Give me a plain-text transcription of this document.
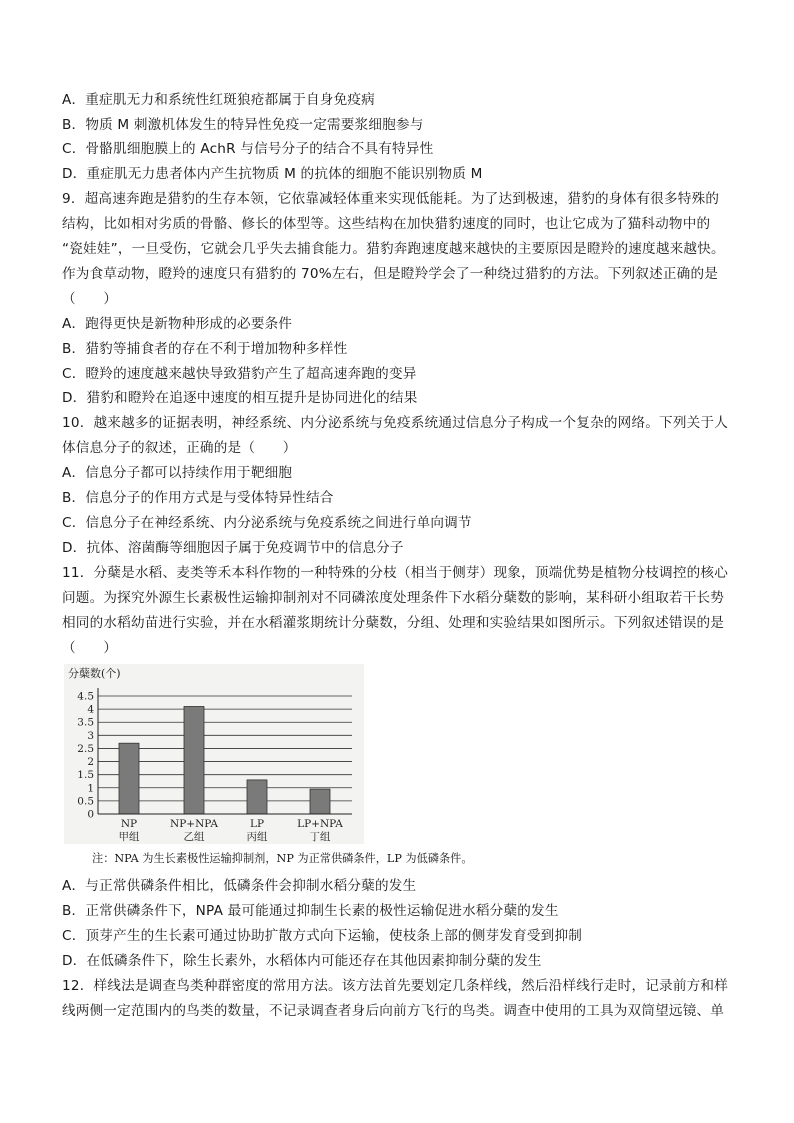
A．重症肌无力和系统性红斑狼疮都属于自身免疫病
B．物质 M 刺激机体发生的特异性免疫一定需要浆细胞参与
C．骨骼肌细胞膜上的 AchR 与信号分子的结合不具有特异性
D．重症肌无力患者体内产生抗物质 M 的抗体的细胞不能识别物质 M
9．超高速奔跑是猎豹的生存本领，它依靠减轻体重来实现低能耗。为了达到极速，猎豹的身体有很多特殊的
结构，比如相对劣质的骨骼、修长的体型等。这些结构在加快猎豹速度的同时，也让它成为了猫科动物中的
“瓷娃娃”，一旦受伤，它就会几乎失去捕食能力。猎豹奔跑速度越来越快的主要原因是瞪羚的速度越来越快。
作为食草动物，瞪羚的速度只有猎豹的 70%左右，但是瞪羚学会了一种绕过猎豹的方法。下列叙述正确的是
（　　）
A．跑得更快是新物种形成的必要条件
B．猎豹等捕食者的存在不利于增加物种多样性
C．瞪羚的速度越来越快导致猎豹产生了超高速奔跑的变异
D．猎豹和瞪羚在追逐中速度的相互提升是协同进化的结果
10．越来越多的证据表明，神经系统、内分泌系统与免疫系统通过信息分子构成一个复杂的网络。下列关于人
体信息分子的叙述，正确的是（　　）
A．信息分子都可以持续作用于靶细胞
B．信息分子的作用方式是与受体特异性结合
C．信息分子在神经系统、内分泌系统与免疫系统之间进行单向调节
D．抗体、溶菌酶等细胞因子属于免疫调节中的信息分子
11．分蘖是水稻、麦类等禾本科作物的一种特殊的分枝（相当于侧芽）现象，顶端优势是植物分枝调控的核心
问题。为探究外源生长素极性运输抑制剂对不同磷浓度处理条件下水稻分蘖数的影响，某科研小组取若干长势
相同的水稻幼苗进行实验，并在水稻灌浆期统计分蘖数，分组、处理和实验结果如图所示。下列叙述错误的是
（　　）
分蘖数(个)
0
0.5
1
1.5
2
2.5
3
3.5
4
4.5
NP
甲组
NP+NPA
乙组
LP
丙组
LP+NPA
丁组
注：NPA 为生长素极性运输抑制剂，NP 为正常供磷条件，LP 为低磷条件。
A．与正常供磷条件相比，低磷条件会抑制水稻分蘖的发生
B．正常供磷条件下，NPA 最可能通过抑制生长素的极性运输促进水稻分蘖的发生
C．顶芽产生的生长素可通过协助扩散方式向下运输，使枝条上部的侧芽发育受到抑制
D．在低磷条件下，除生长素外，水稻体内可能还存在其他因素抑制分蘖的发生
12．样线法是调查鸟类种群密度的常用方法。该方法首先要划定几条样线，然后沿样线行走时，记录前方和样
线两侧一定范围内的鸟类的数量，不记录调查者身后向前方飞行的鸟类。调查中使用的工具为双筒望远镜、单
